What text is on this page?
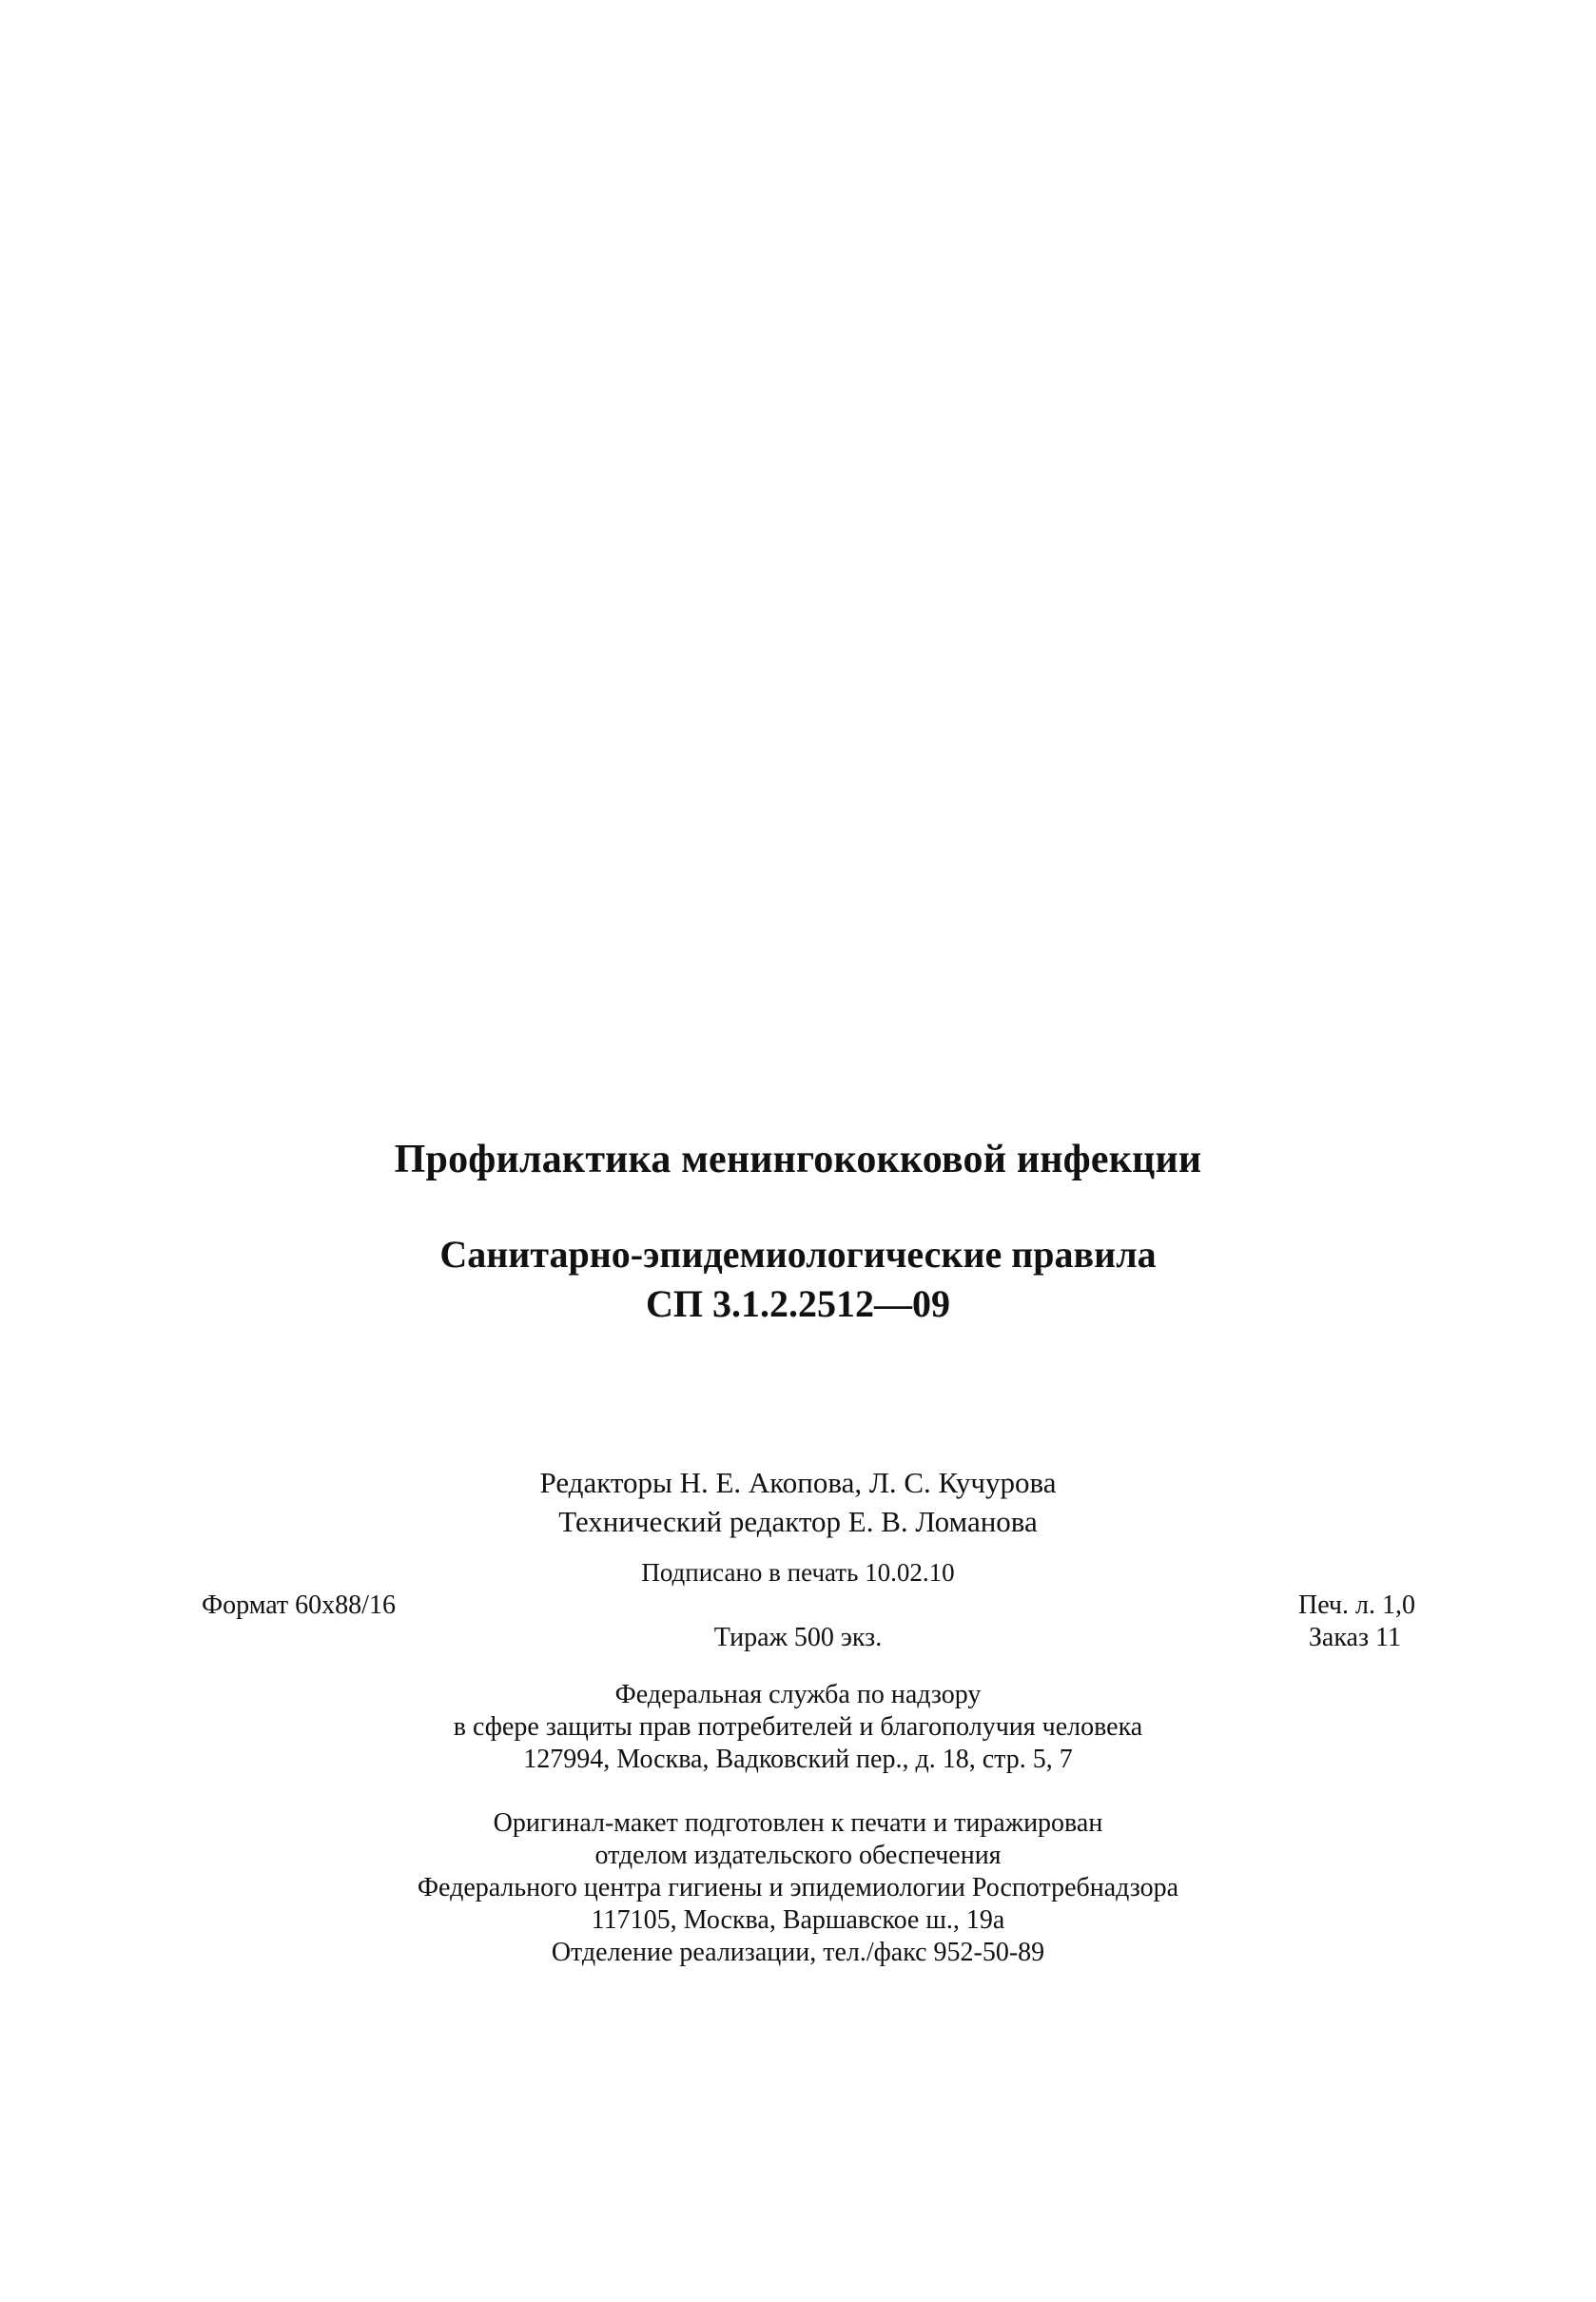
Профилактика менингококковой инфекции
Санитарно-эпидемиологические правила
СП 3.1.2.2512—09
Редакторы Н. Е. Акопова, Л. С. Кучурова
Технический редактор Е. В. Ломанова
Подписано в печать 10.02.10
Формат 60x88/16	Печ. л. 1,0
Тираж 500 экз.	Заказ 11
Федеральная служба по надзору
в сфере защиты прав потребителей и благополучия человека
127994, Москва, Вадковский пер., д. 18, стр. 5, 7
Оригинал-макет подготовлен к печати и тиражирован
отделом издательского обеспечения
Федерального центра гигиены и эпидемиологии Роспотребнадзора
117105, Москва, Варшавское ш., 19а
Отделение реализации, тел./факс 952-50-89
